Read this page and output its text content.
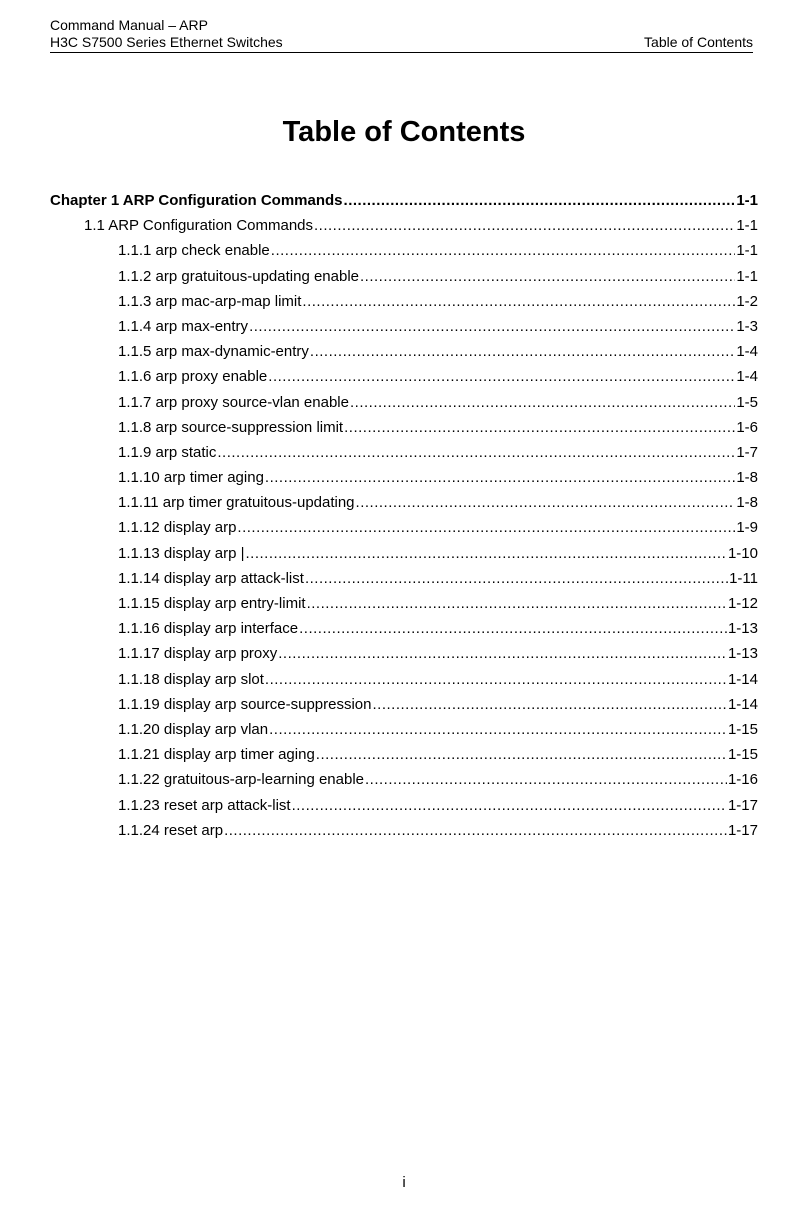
Command Manual – ARP
H3C S7500 Series Ethernet Switches	Table of Contents
Table of Contents
Chapter 1 ARP Configuration Commands .....	1-1
1.1 ARP Configuration Commands .....	1-1
1.1.1 arp check enable .....	1-1
1.1.2 arp gratuitous-updating enable .....	1-1
1.1.3 arp mac-arp-map limit .....	1-2
1.1.4 arp max-entry .....	1-3
1.1.5 arp max-dynamic-entry .....	1-4
1.1.6 arp proxy enable .....	1-4
1.1.7 arp proxy source-vlan enable .....	1-5
1.1.8 arp source-suppression limit .....	1-6
1.1.9 arp static .....	1-7
1.1.10 arp timer aging .....	1-8
1.1.11 arp timer gratuitous-updating .....	1-8
1.1.12 display arp .....	1-9
1.1.13 display arp | .....	1-10
1.1.14 display arp attack-list .....	1-11
1.1.15 display arp entry-limit .....	1-12
1.1.16 display arp interface .....	1-13
1.1.17 display arp proxy .....	1-13
1.1.18 display arp slot .....	1-14
1.1.19 display arp source-suppression .....	1-14
1.1.20 display arp vlan .....	1-15
1.1.21 display arp timer aging .....	1-15
1.1.22 gratuitous-arp-learning enable .....	1-16
1.1.23 reset arp attack-list .....	1-17
1.1.24 reset arp .....	1-17
i
